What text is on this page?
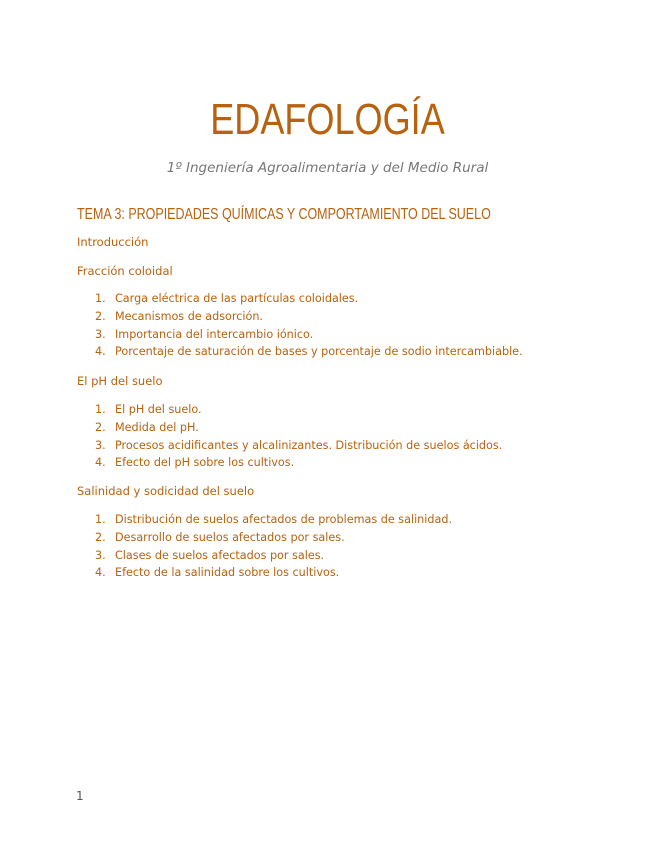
EDAFOLOGÍA
1º Ingeniería Agroalimentaria y del Medio Rural
TEMA 3: PROPIEDADES QUÍMICAS Y COMPORTAMIENTO DEL SUELO
Introducción
Fracción coloidal
1. Carga eléctrica de las partículas coloidales.
2. Mecanismos de adsorción.
3. Importancia del intercambio iónico.
4. Porcentaje de saturación de bases y porcentaje de sodio intercambiable.
El pH del suelo
1. El pH del suelo.
2. Medida del pH.
3. Procesos acidificantes y alcalinizantes. Distribución de suelos ácidos.
4. Efecto del pH sobre los cultivos.
Salinidad y sodicidad del suelo
1. Distribución de suelos afectados de problemas de salinidad.
2. Desarrollo de suelos afectados por sales.
3. Clases de suelos afectados por sales.
4. Efecto de la salinidad sobre los cultivos.
1
